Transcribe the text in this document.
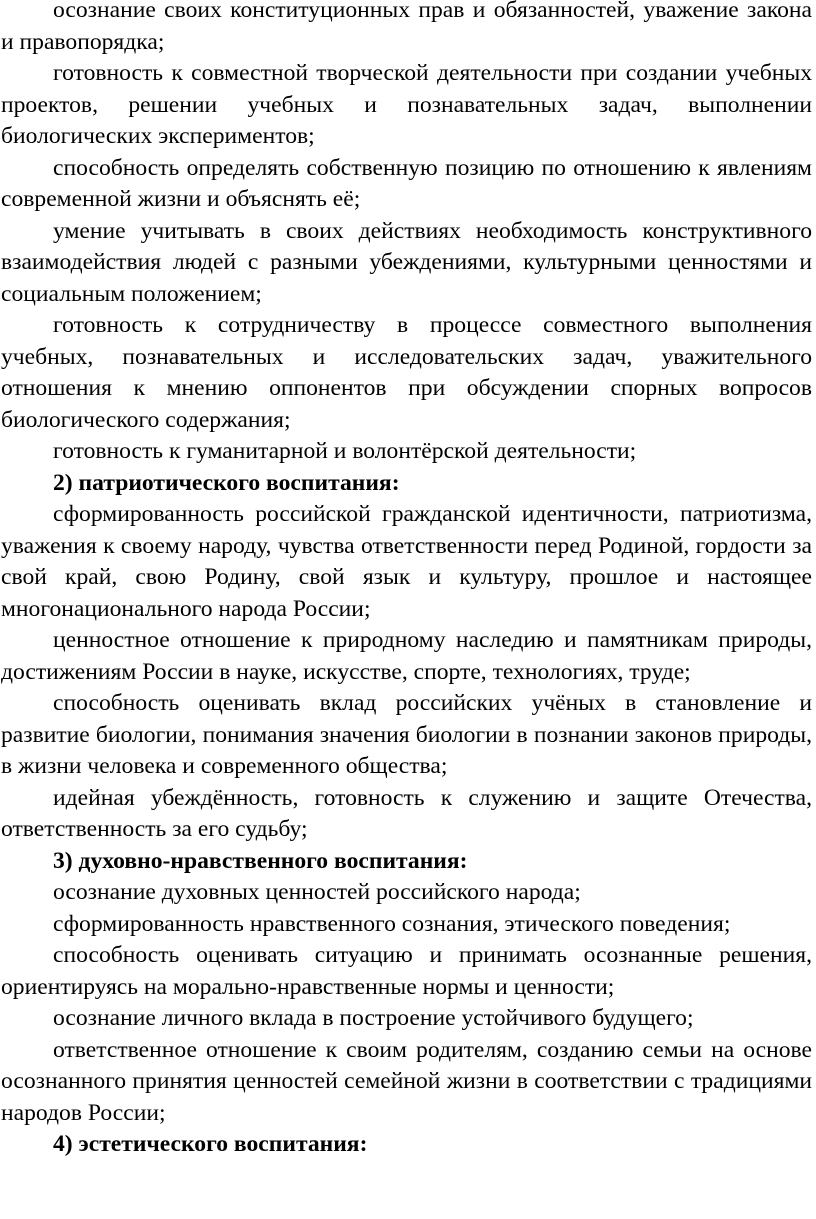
осознание своих конституционных прав и обязанностей, уважение закона и правопорядка;

готовность к совместной творческой деятельности при создании учебных проектов, решении учебных и познавательных задач, выполнении биологических экспериментов;

способность определять собственную позицию по отношению к явлениям современной жизни и объяснять её;

умение учитывать в своих действиях необходимость конструктивного взаимодействия людей с разными убеждениями, культурными ценностями и социальным положением;

готовность к сотрудничеству в процессе совместного выполнения учебных, познавательных и исследовательских задач, уважительного отношения к мнению оппонентов при обсуждении спорных вопросов биологического содержания;

готовность к гуманитарной и волонтёрской деятельности;

2) патриотического воспитания:

сформированность российской гражданской идентичности, патриотизма, уважения к своему народу, чувства ответственности перед Родиной, гордости за свой край, свою Родину, свой язык и культуру, прошлое и настоящее многонационального народа России;

ценностное отношение к природному наследию и памятникам природы, достижениям России в науке, искусстве, спорте, технологиях, труде;

способность оценивать вклад российских учёных в становление и развитие биологии, понимания значения биологии в познании законов природы, в жизни человека и современного общества;

идейная убеждённость, готовность к служению и защите Отечества, ответственность за его судьбу;

3) духовно-нравственного воспитания:

осознание духовных ценностей российского народа;

сформированность нравственного сознания, этического поведения;

способность оценивать ситуацию и принимать осознанные решения, ориентируясь на морально-нравственные нормы и ценности;

осознание личного вклада в построение устойчивого будущего;

ответственное отношение к своим родителям, созданию семьи на основе осознанного принятия ценностей семейной жизни в соответствии с традициями народов России;

4) эстетического воспитания:
